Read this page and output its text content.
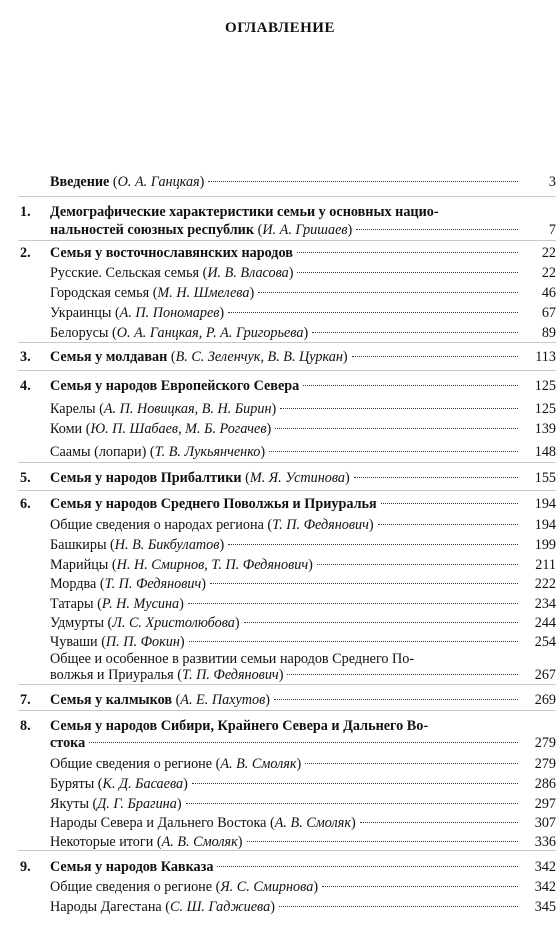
ОГЛАВЛЕНИЕ
Введение (О. А. Ганцкая)	3
1. Демографические характеристики семьи у основных нацио-
нальностей союзных республик (И. А. Гришаев)	7
2. Семья у восточнославянских народов	22
Русские. Сельская семья (И. В. Власова)	22
Городская семья (М. Н. Шмелева)	46
Украинцы (А. П. Пономарев)	67
Белорусы (О. А. Ганцкая, Р. А. Григорьева)	89
3. Семья у молдаван (В. С. Зеленчук, В. В. Цуркан)	113
4. Семья у народов Европейского Севера	125
Карелы (А. П. Новицкая, В. Н. Бирин)	125
Коми (Ю. П. Шабаев, М. Б. Рогачев)	139
Саамы (лопари) (Т. В. Лукьянченко)	148
5. Семья у народов Прибалтики (М. Я. Устинова)	155
6. Семья у народов Среднего Поволжья и Приуралья	194
Общие сведения о народах региона (Т. П. Федянович)	194
Башкиры (Н. В. Бикбулатов)	199
Марийцы (Н. Н. Смирнов, Т. П. Федянович)	211
Мордва (Т. П. Федянович)	222
Татары (Р. Н. Мусина)	234
Удмурты (Л. С. Христолюбова)	244
Чуваши (П. П. Фокин)	254
Общее и особенное в развитии семьи народов Среднего По-
волжья и Приуралья (Т. П. Федянович)	267
7. Семья у калмыков (А. Е. Пахутов)	269
8. Семья у народов Сибири, Крайнего Севера и Дальнего Во-
стока	279
Общие сведения о регионе (А. В. Смоляк)	279
Буряты (К. Д. Басаева)	286
Якуты (Д. Г. Брагина)	297
Народы Севера и Дальнего Востока (А. В. Смоляк)	307
Некоторые итоги (А. В. Смоляк)	336
9. Семья у народов Кавказа	342
Общие сведения о регионе (Я. С. Смирнова)	342
Народы Дагестана (С. Ш. Гаджиева)	345
